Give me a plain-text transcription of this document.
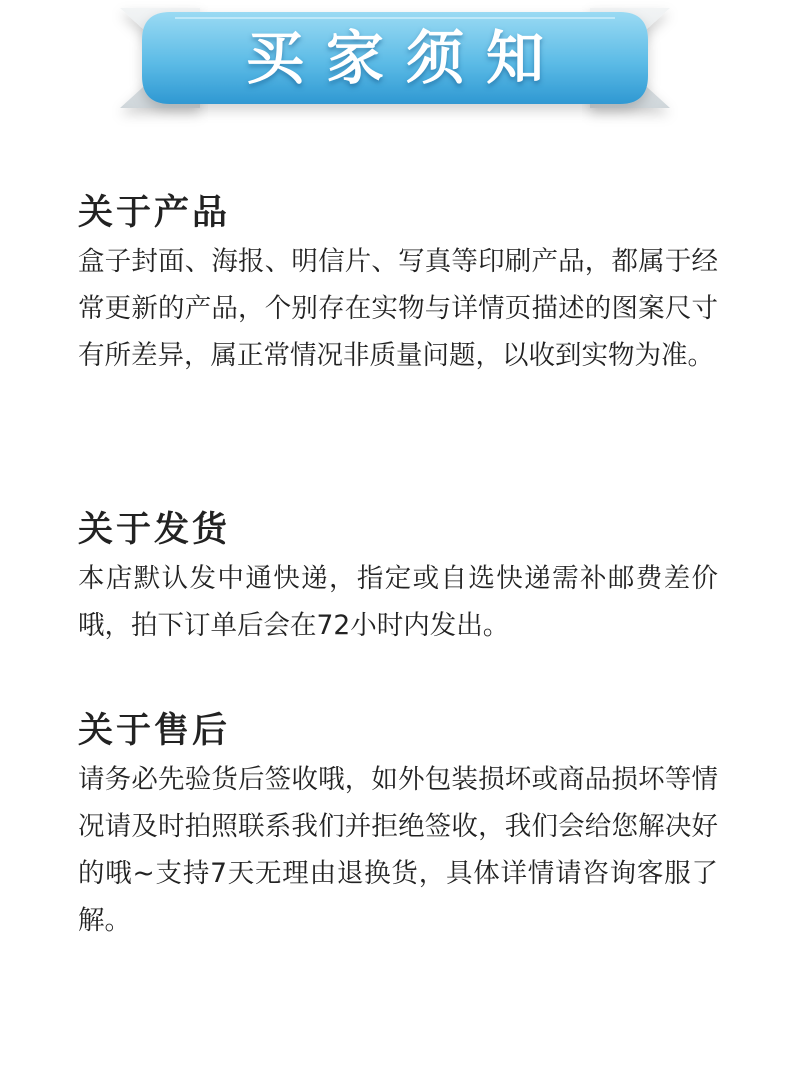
买家须知
关于产品

盒子封面、海报、明信片、写真等印刷产品，都属于经常更新的产品，个别存在实物与详情页描述的图案尺寸有所差异，属正常情况非质量问题，以收到实物为准。

关于发货

本店默认发中通快递，指定或自选快递需补邮费差价哦，拍下订单后会在72小时内发出。

关于售后

请务必先验货后签收哦，如外包装损坏或商品损坏等情况请及时拍照联系我们并拒绝签收，我们会给您解决好的哦~支持7天无理由退换货，具体详情请咨询客服了解。
